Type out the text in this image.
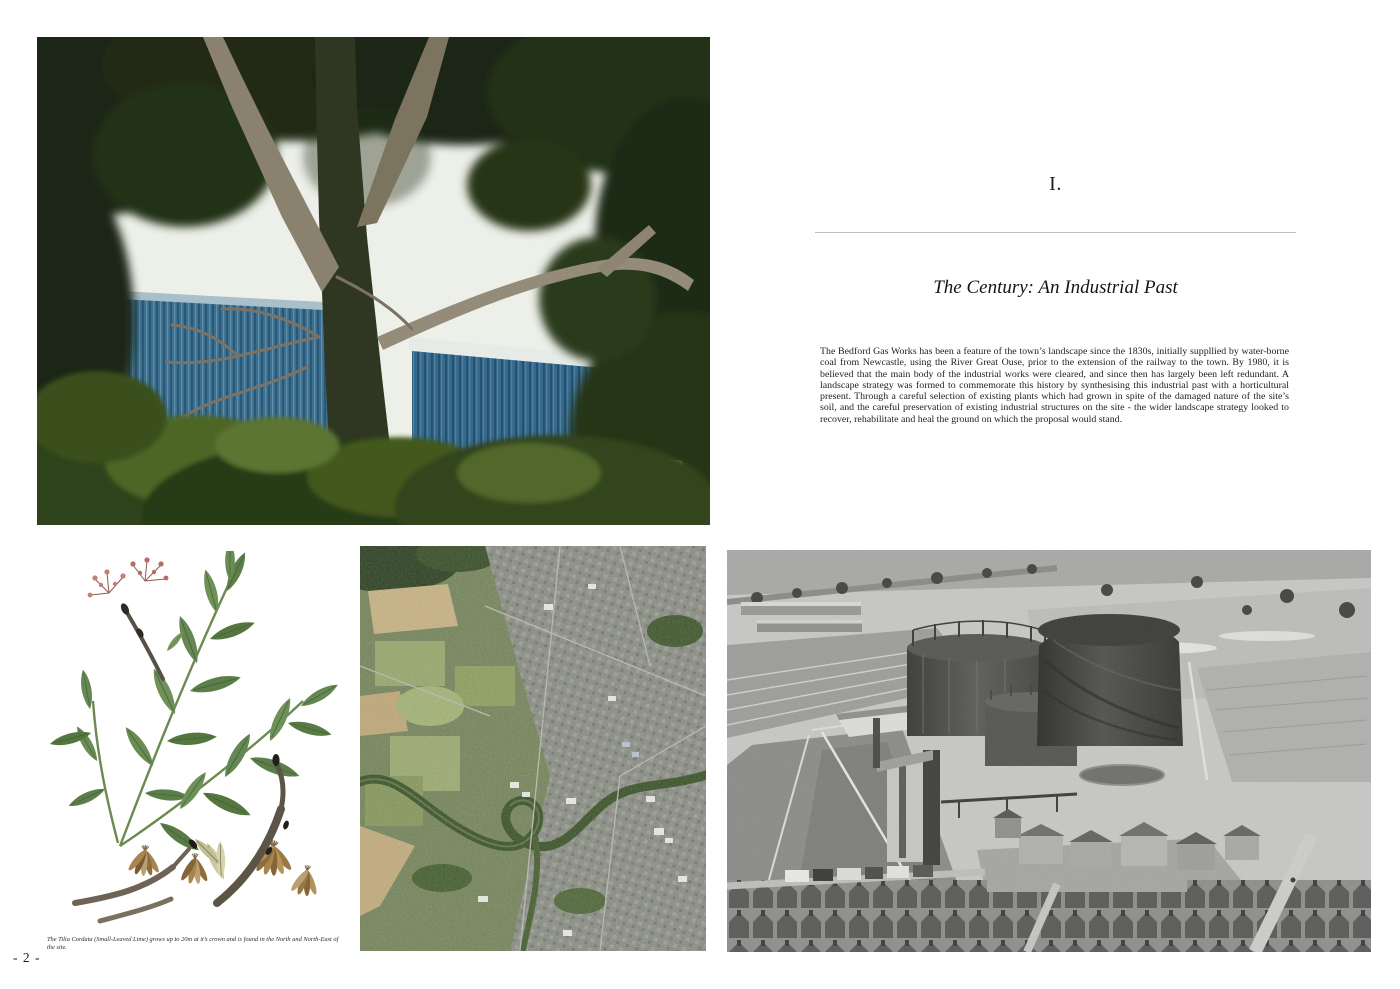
I.
The Century: An Industrial Past

The Bedford Gas Works has been a feature of the town’s landscape since the 1830s, initially suppllied by water-borne coal from Newcastle, using the River Great Ouse, prior to the extension of the railway to the town. By 1980, it is believed that the main body of the industrial works were cleared, and since then has largely been left redundant. A landscape strategy was formed to commemorate this history by synthesising this industrial past with a horticultural present. Through a careful selection of existing plants which had grown in spite of the damaged nature of the site’s soil, and the careful preservation of existing industrial structures on the site - the wider landscape strategy looked to recover, rehabilitate and heal the ground on which the proposal would stand.

The Tilia Cordata (Small-Leaved Lime) grows up to 20m at it’s crown and is found in the North and North-East of the site.
- 2 -
